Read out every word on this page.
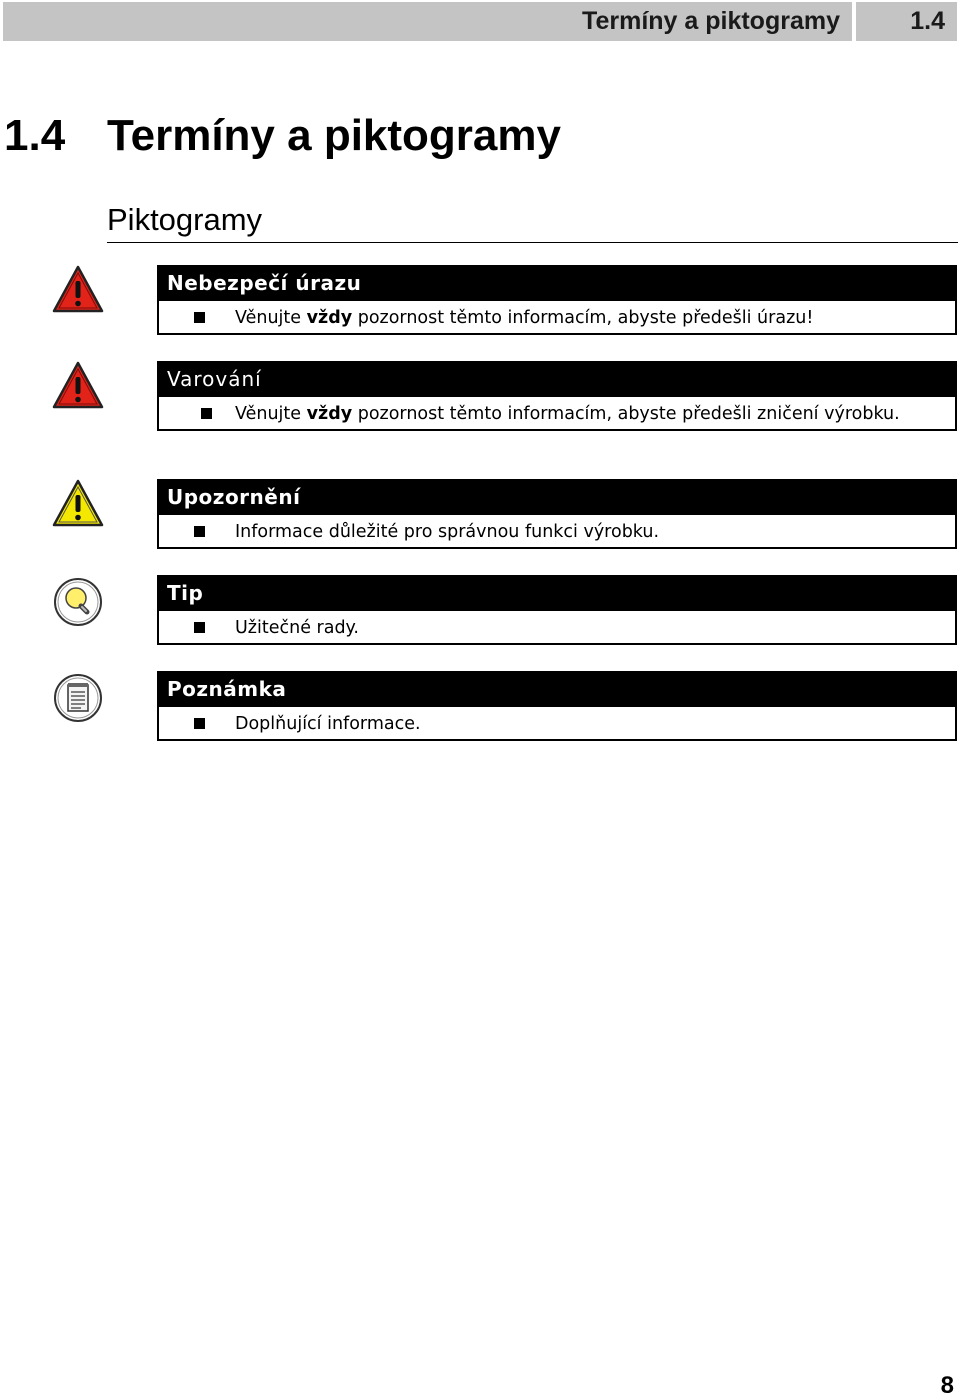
Termíny a piktogramy	1.4
1.4 Termíny a piktogramy
Piktogramy
Nebezpečí úrazu
Věnujte vždy pozornost těmto informacím, abyste předešli úrazu!
Varování
Věnujte vždy pozornost těmto informacím, abyste předešli zničení výrobku.
Upozornění
Informace důležité pro správnou funkci výrobku.
Tip
Užitečné rady.
Poznámka
Doplňující informace.
8
